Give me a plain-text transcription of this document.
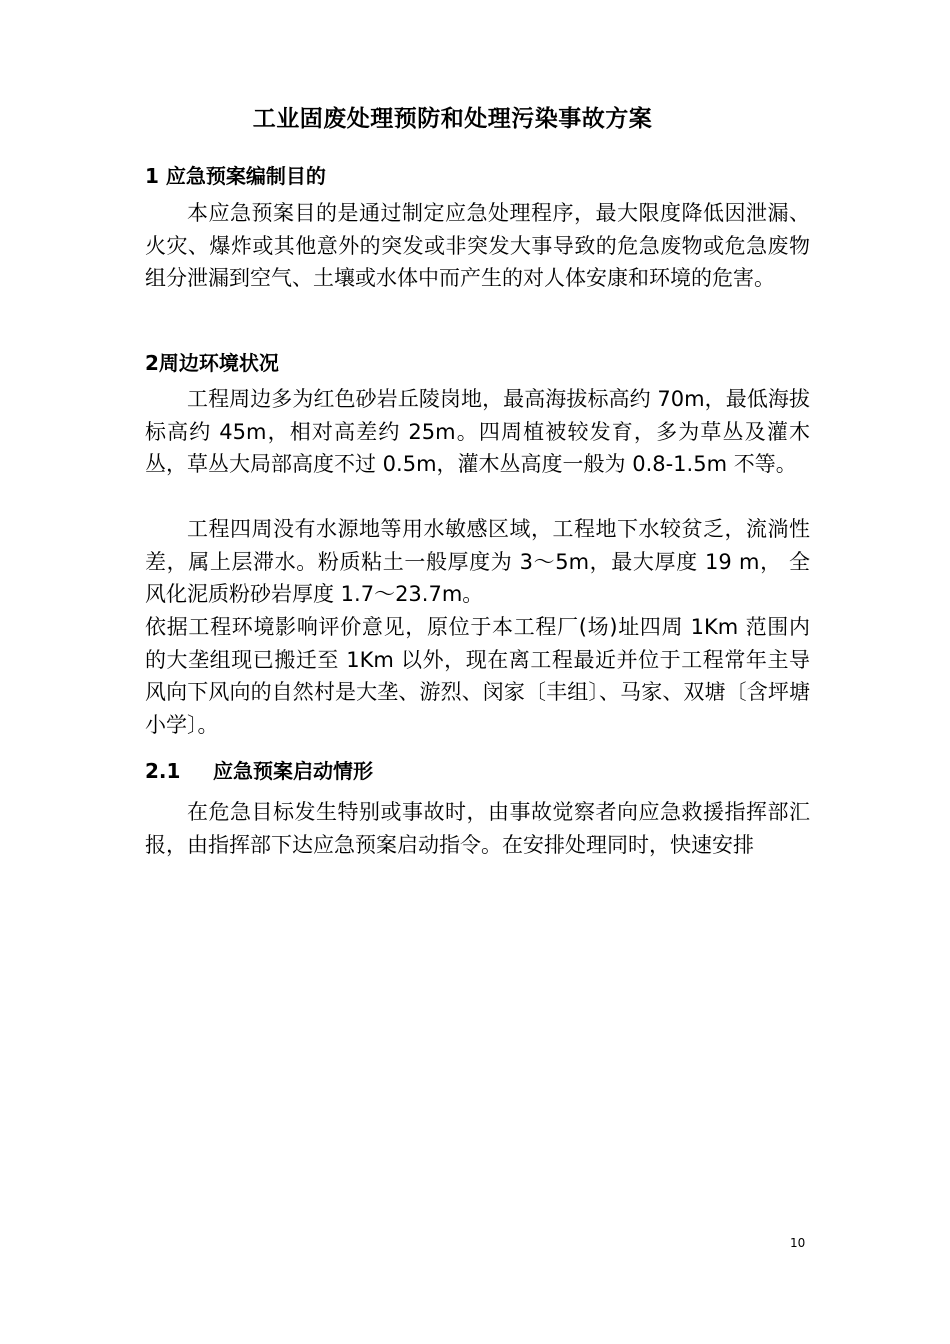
工业固废处理预防和处理污染事故方案
1 应急预案编制目的

本应急预案目的是通过制定应急处理程序，最大限度降低因泄漏、火灾、爆炸或其他意外的突发或非突发大事导致的危急废物或危急废物组分泄漏到空气、土壤或水体中而产生的对人体安康和环境的危害。

2周边环境状况

工程周边多为红色砂岩丘陵岗地，最高海拔标高约 70m，最低海拔标高约 45m，相对高差约 25m。四周植被较发育，多为草丛及灌木丛，草丛大局部高度不过 0.5m，灌木丛高度一般为 0.8-1.5m 不等。

工程四周没有水源地等用水敏感区域，工程地下水较贫乏，流淌性差，属上层滞水。粉质粘土一般厚度为 3～5m，最大厚度 19 m， 全风化泥质粉砂岩厚度 1.7～23.7m。

依据工程环境影响评价意见，原位于本工程厂(场)址四周 1Km 范围内的大垄组现已搬迁至 1Km 以外，现在离工程最近并位于工程常年主导风向下风向的自然村是大垄、游烈、闵家〔丰组〕、马家、双塘〔含坪塘小学〕。

2.1 应急预案启动情形

在危急目标发生特别或事故时，由事故觉察者向应急救援指挥部汇报，由指挥部下达应急预案启动指令。在安排处理同时，快速安排

10
